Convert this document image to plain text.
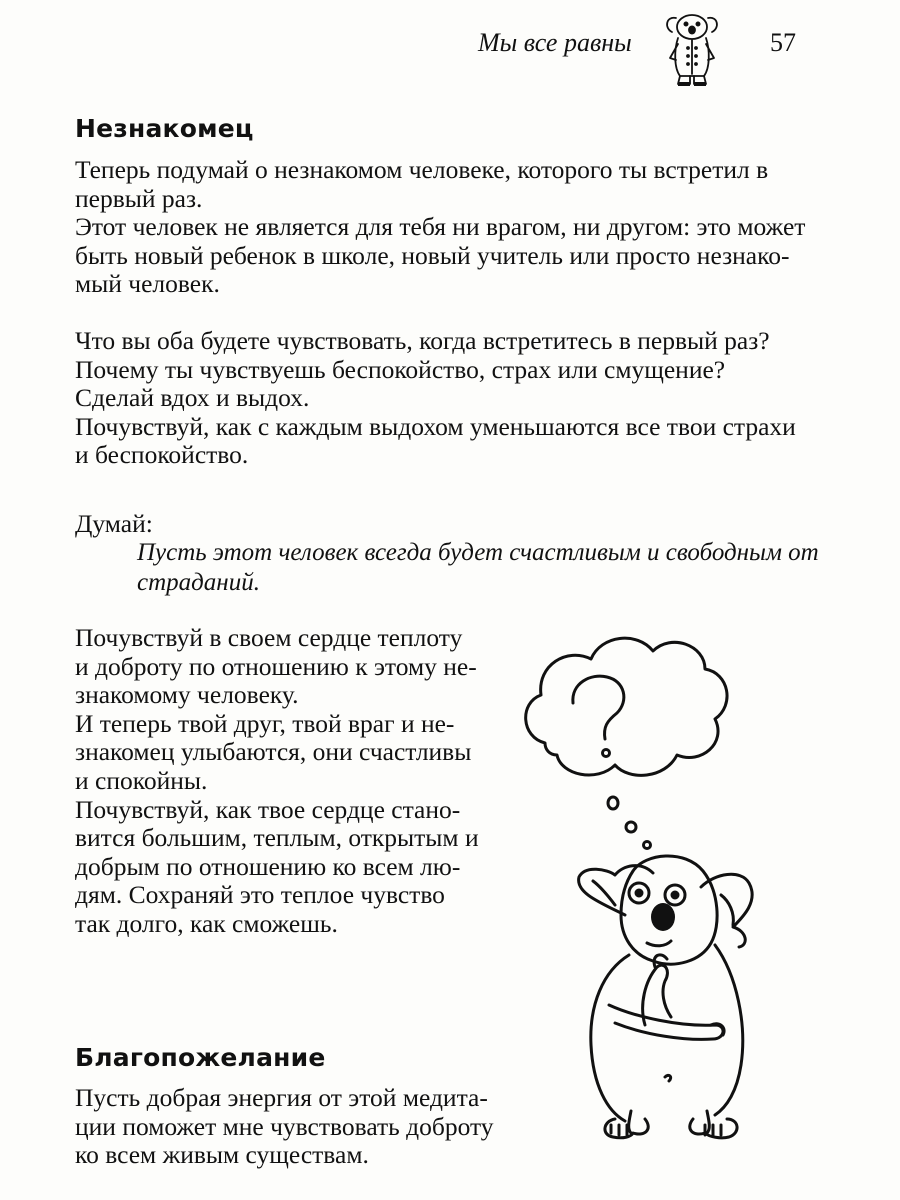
Мы все равны	57
Незнакомец
Теперь подумай о незнакомом человеке, которого ты встретил в
первый раз.
Этот человек не является для тебя ни врагом, ни другом: это может
быть новый ребенок в школе, новый учитель или просто незнако-
мый человек.
Что вы оба будете чувствовать, когда встретитесь в первый раз?
Почему ты чувствуешь беспокойство, страх или смущение?
Сделай вдох и выдох.
Почувствуй, как с каждым выдохом уменьшаются все твои страхи
и беспокойство.
Думай:
Пусть этот человек всегда будет счастливым и свободным от
страданий.
Почувствуй в своем сердце теплоту
и доброту по отношению к этому не-
знакомому человеку.
И теперь твой друг, твой враг и не-
знакомец улыбаются, они счастливы
и спокойны.
Почувствуй, как твое сердце стано-
вится большим, теплым, открытым и
добрым по отношению ко всем лю-
дям. Сохраняй это теплое чувство
так долго, как сможешь.
Благопожелание
Пусть добрая энергия от этой медита-
ции поможет мне чувствовать доброту
ко всем живым существам.
